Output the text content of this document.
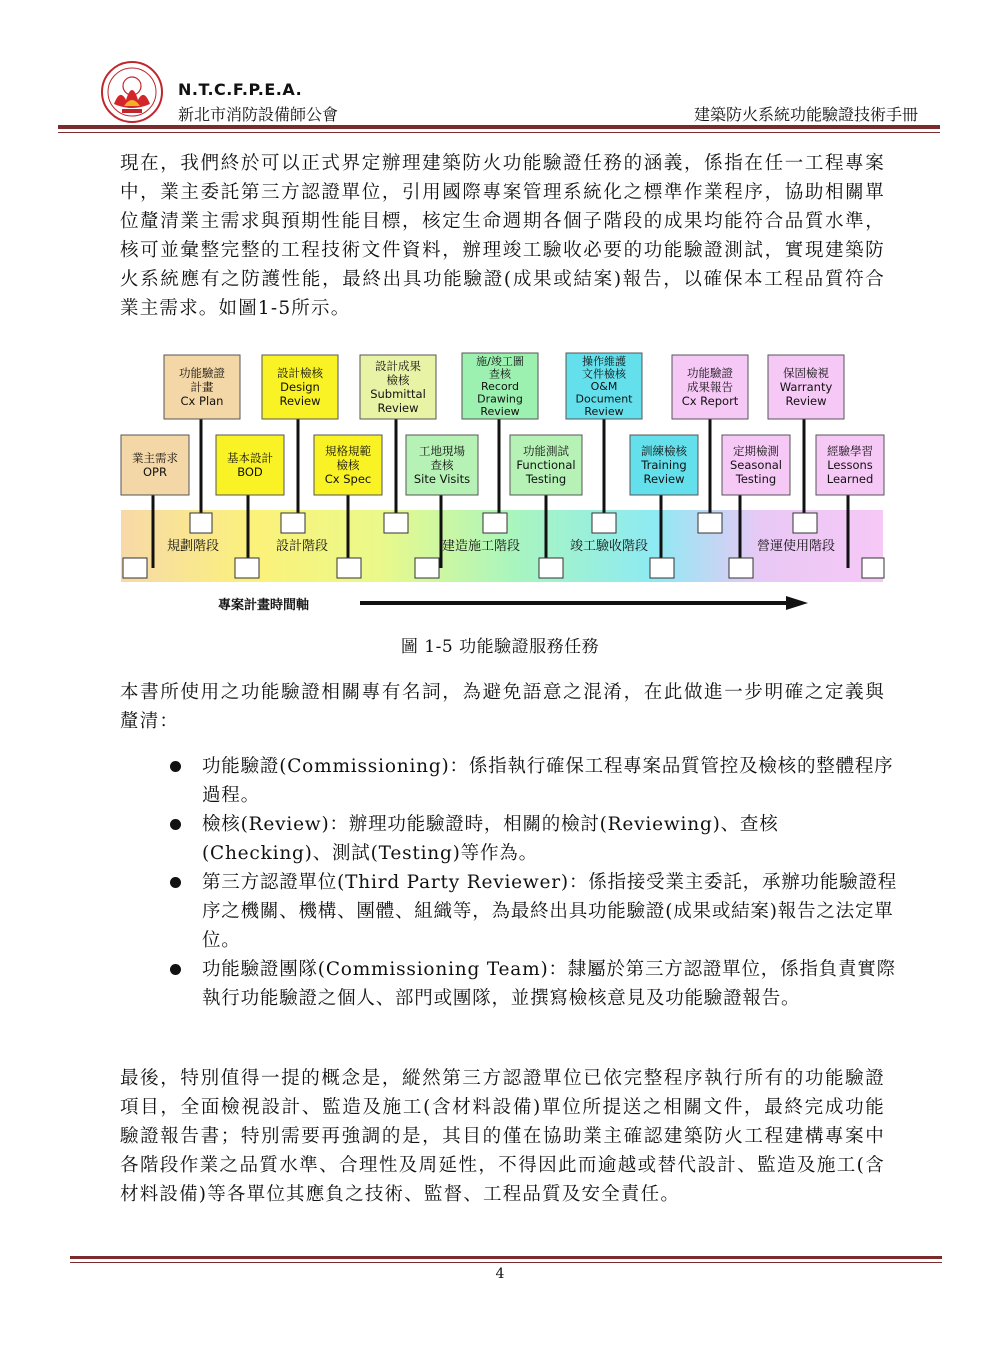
N.T.C.F.P.E.A.
新北市消防設備師公會	建築防火系統功能驗證技術手冊
現在，我們終於可以正式界定辦理建築防火功能驗證任務的涵義，係指在任一工程專案中，業主委託第三方認證單位，引用國際專案管理系統化之標準作業程序，協助相關單位釐清業主需求與預期性能目標，核定生命週期各個子階段的成果均能符合品質水準，核可並彙整完整的工程技術文件資料，辦理竣工驗收必要的功能驗證測試，實現建築防火系統應有之防護性能，最終出具功能驗證(成果或結案)報告，以確保本工程品質符合業主需求。如圖1-5所示。
規劃階段	設計階段	建造施工階段	竣工驗收階段	營運使用階段
功能驗證
計畫
Cx Plan
設計檢核
Design
Review
設計成果
檢核
Submittal
Review
施/竣工圖
查核
Record
Drawing
Review
操作維護
文件檢核
O&M
Document
Review
功能驗證
成果報告
Cx Report
保固檢視
Warranty
Review
業主需求
OPR
基本設計
BOD
規格規範
檢核
Cx Spec
工地現場
查核
Site Visits
功能測試
Functional
Testing
訓練檢核
Training
Review
定期檢測
Seasonal
Testing
經驗學習
Lessons
Learned
專案計畫時間軸
圖 1-5 功能驗證服務任務
本書所使用之功能驗證相關專有名詞，為避免語意之混淆，在此做進一步明確之定義與釐清：
功能驗證(Commissioning)：係指執行確保工程專案品質管控及檢核的整體程序過程。
檢核(Review)：辦理功能驗證時，相關的檢討(Reviewing)、查核(Checking)、測試(Testing)等作為。
第三方認證單位(Third Party Reviewer)：係指接受業主委託，承辦功能驗證程序之機關、機構、團體、組織等，為最終出具功能驗證(成果或結案)報告之法定單位。
功能驗證團隊(Commissioning Team)：隸屬於第三方認證單位，係指負責實際執行功能驗證之個人、部門或團隊，並撰寫檢核意見及功能驗證報告。
最後，特別值得一提的概念是，縱然第三方認證單位已依完整程序執行所有的功能驗證項目，全面檢視設計、監造及施工(含材料設備)單位所提送之相關文件，最終完成功能驗證報告書；特別需要再強調的是，其目的僅在協助業主確認建築防火工程建構專案中各階段作業之品質水準、合理性及周延性，不得因此而逾越或替代設計、監造及施工(含材料設備)等各單位其應負之技術、監督、工程品質及安全責任。
4
